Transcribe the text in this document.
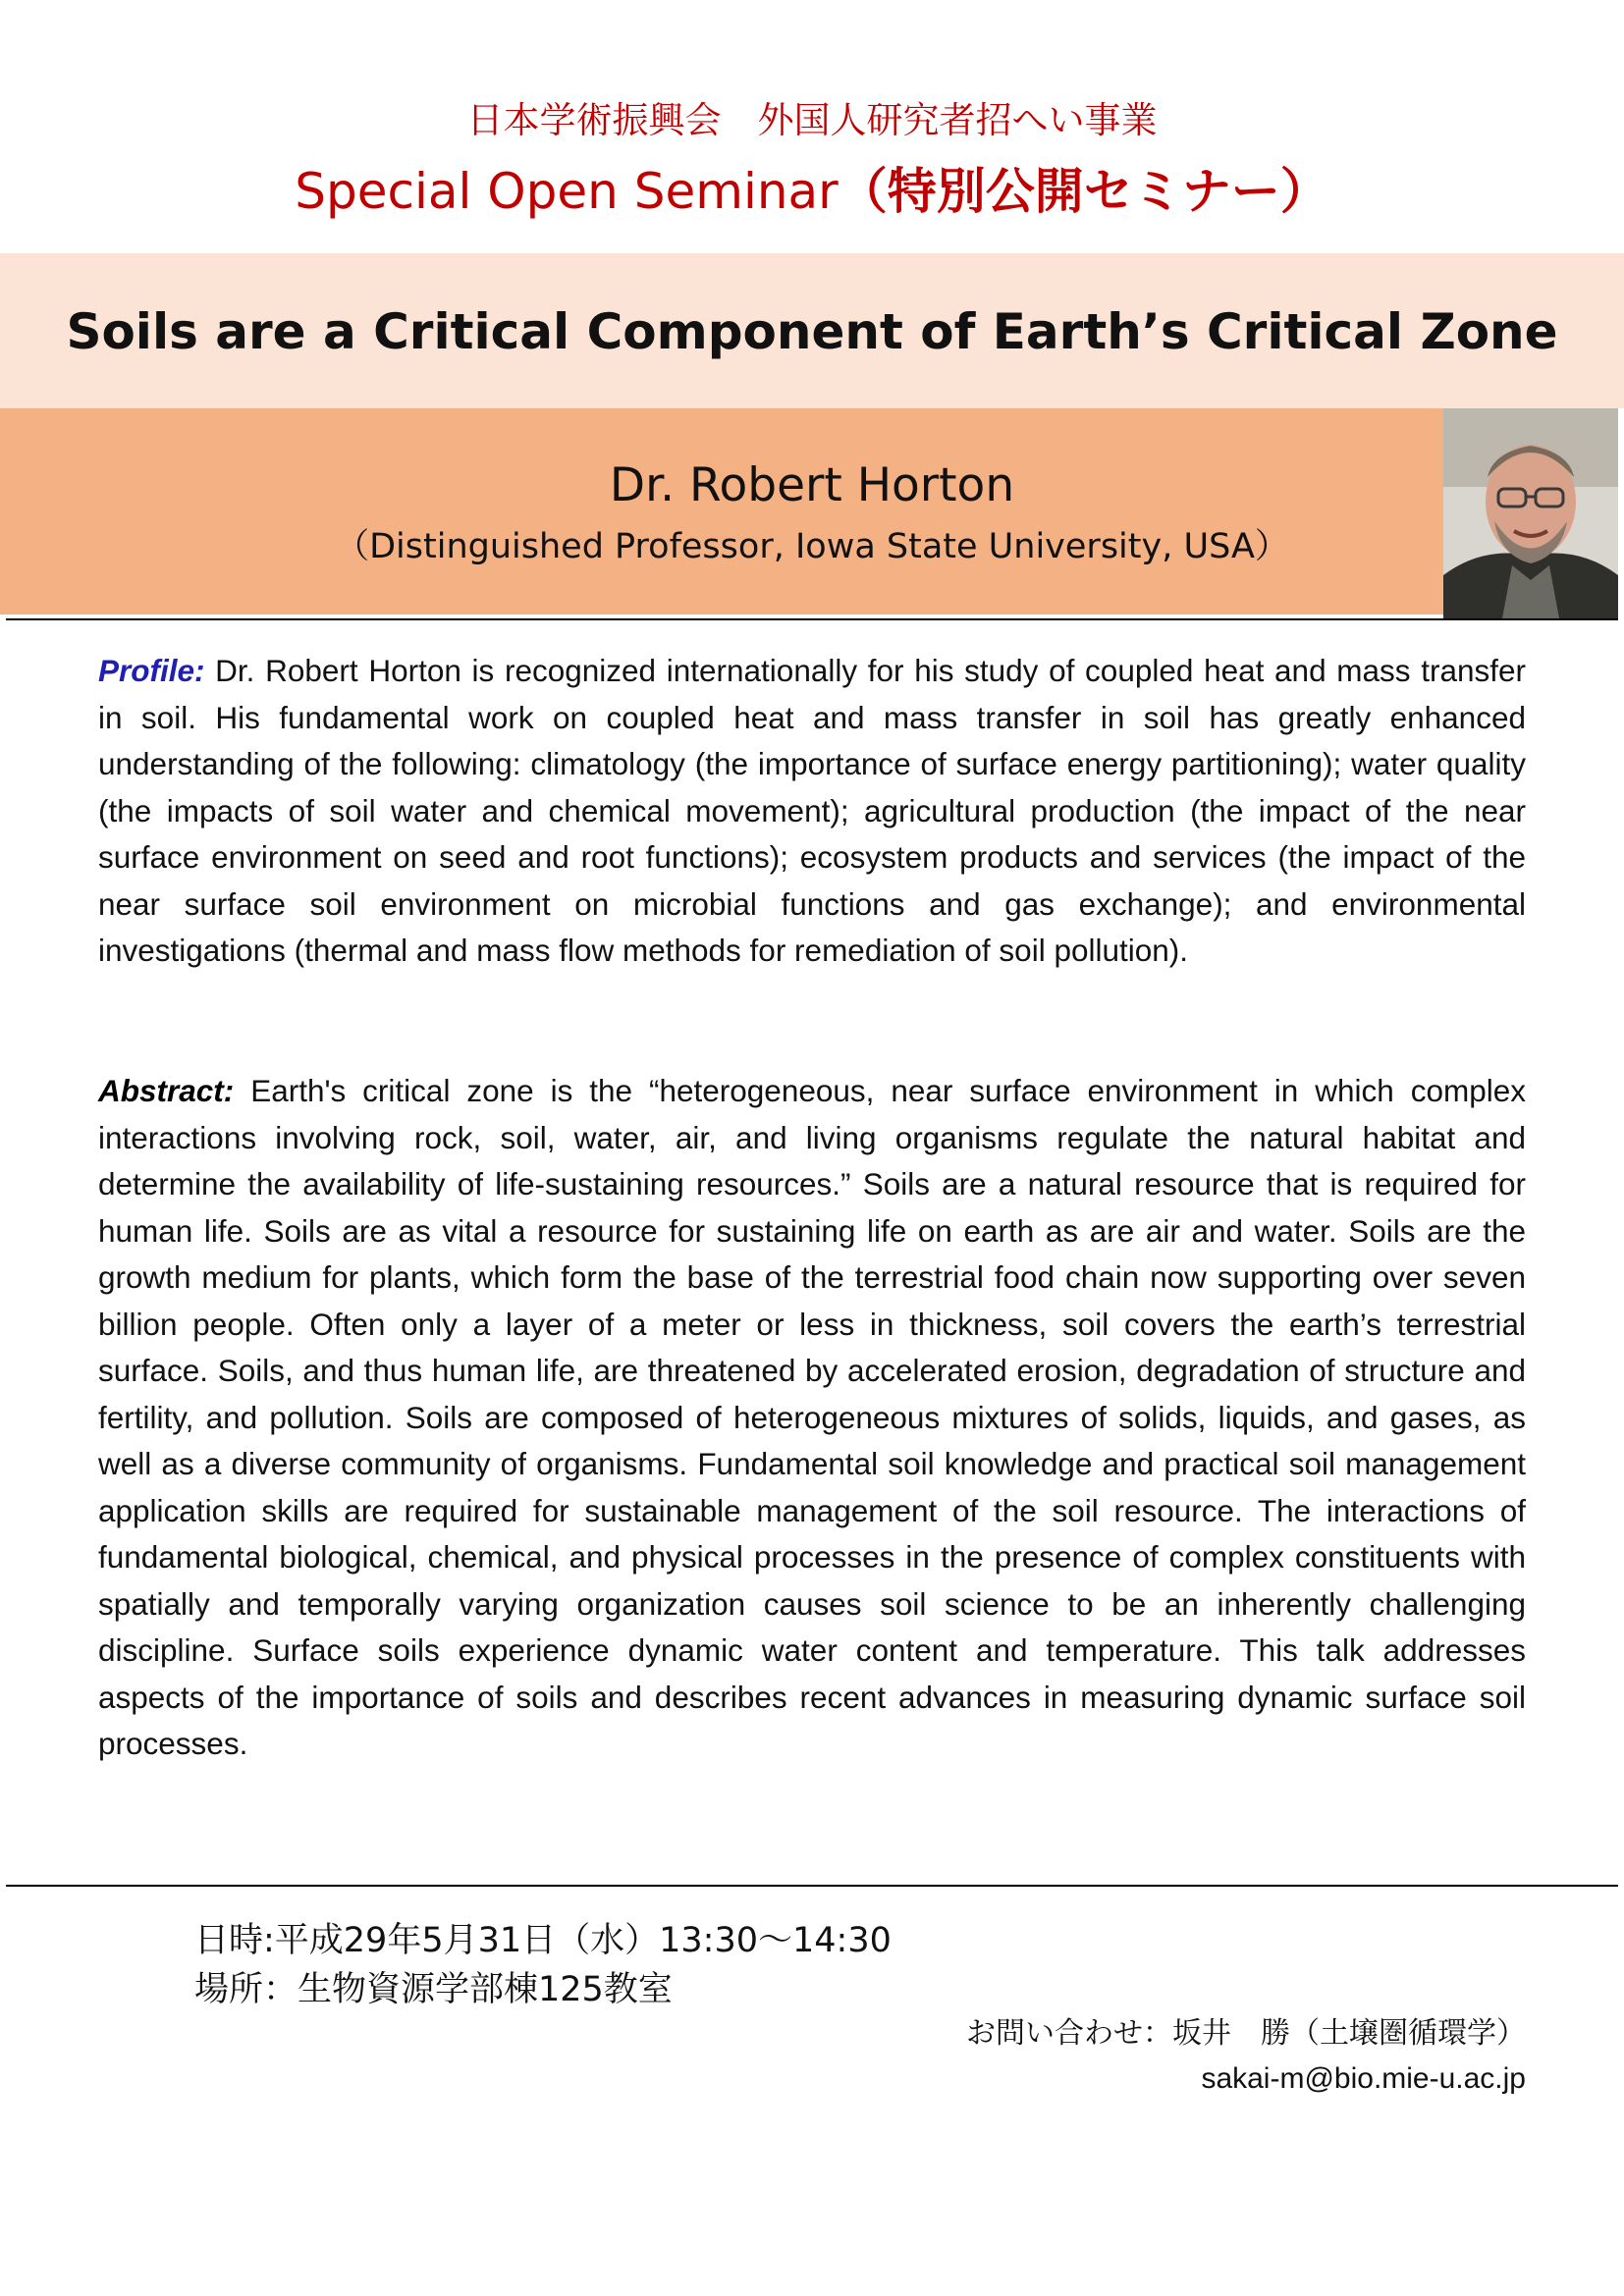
日本学術振興会　外国人研究者招へい事業
Special Open Seminar（特別公開セミナー）
Soils are a Critical Component of Earth’s Critical Zone
Dr. Robert Horton
（Distinguished Professor, Iowa State University, USA）

Profile: Dr. Robert Horton is recognized internationally for his study of coupled heat and mass transfer in soil. His fundamental work on coupled heat and mass transfer in soil has greatly enhanced understanding of the following: climatology (the importance of surface energy partitioning); water quality (the impacts of soil water and chemical movement); agricultural production (the impact of the near surface environment on seed and root functions); ecosystem products and services (the impact of the near surface soil environment on microbial functions and gas exchange); and environmental investigations (thermal and mass flow methods for remediation of soil pollution).

Abstract: Earth's critical zone is the “heterogeneous, near surface environment in which complex interactions involving rock, soil, water, air, and living organisms regulate the natural habitat and determine the availability of life-sustaining resources.” Soils are a natural resource that is required for human life. Soils are as vital a resource for sustaining life on earth as are air and water. Soils are the growth medium for plants, which form the base of the terrestrial food chain now supporting over seven billion people. Often only a layer of a meter or less in thickness, soil covers the earth’s terrestrial surface. Soils, and thus human life, are threatened by accelerated erosion, degradation of structure and fertility, and pollution. Soils are composed of heterogeneous mixtures of solids, liquids, and gases, as well as a diverse community of organisms. Fundamental soil knowledge and practical soil management application skills are required for sustainable management of the soil resource. The interactions of fundamental biological, chemical, and physical processes in the presence of complex constituents with spatially and temporally varying organization causes soil science to be an inherently challenging discipline. Surface soils experience dynamic water content and temperature. This talk addresses aspects of the importance of soils and describes recent advances in measuring dynamic surface soil processes.

日時:平成29年5月31日（水）13:30～14:30
場所：生物資源学部棟125教室
お問い合わせ：坂井　勝（土壌圏循環学）
sakai-m@bio.mie-u.ac.jp
